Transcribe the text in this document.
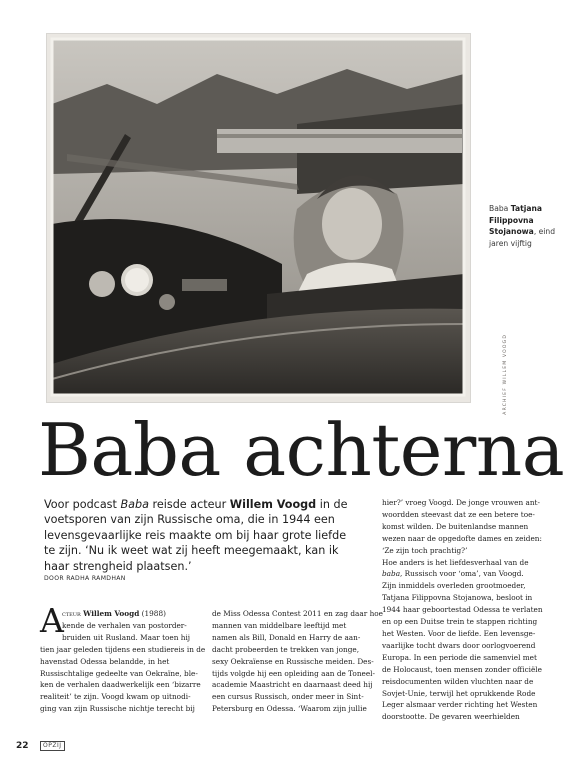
ARCHIEF WILLEM VOOGD
Baba Tatjana Filippovna Stojanowa, eind jaren vijftig
Baba achterna
Voor podcast Baba reisde acteur Willem Voogd in de voetsporen van zijn Russische oma, die in 1944 een levensgevaarlijke reis maakte om bij haar grote liefde te zijn. ‘Nu ik weet wat zij heeft meegemaakt, kan ik haar strengheid plaatsen.’
DOOR RADHA RAMDHAN
A
cteur Willem Voogd (1988)
kende de verhalen van postorder-
bruiden uit Rusland. Maar toen hij
tien jaar geleden tijdens een studiereis in de
havenstad Odessa belandde, in het
Russischtalige gedeelte van Oekraïne, ble-
ken de verhalen daadwerkelijk een ‘bizarre
realiteit’ te zijn. Voogd kwam op uitnodi-
ging van zijn Russische nichtje terecht bij
de Miss Odessa Contest 2011 en zag daar hoe
mannen van middelbare leeftijd met
namen als Bill, Donald en Harry de aan-
dacht probeerden te trekken van jonge,
sexy Oekraïense en Russische meiden. Des-
tijds volgde hij een opleiding aan de Toneel-
academie Maastricht en daarnaast deed hij
een cursus Russisch, onder meer in Sint-
Petersburg en Odessa. ‘Waarom zijn jullie
hier?’ vroeg Voogd. De jonge vrouwen ant-
woordden steevast dat ze een betere toe-
komst wilden. De buitenlandse mannen
wezen naar de opgedofte dames en zeiden:
‘Ze zijn toch prachtig?’
Hoe anders is het liefdesverhaal van de
baba, Russisch voor ‘oma’, van Voogd.
Zijn inmiddels overleden grootmoeder,
Tatjana Filippovna Stojanowa, besloot in
1944 haar geboortestad Odessa te verlaten
en op een Duitse trein te stappen richting
het Westen. Voor de liefde. Een levensge-
vaarlijke tocht dwars door oorlogvoerend
Europa. In een periode die samenviel met
de Holocaust, toen mensen zonder officiële
reisdocumenten wilden vluchten naar de
Sovjet-Unie, terwijl het oprukkende Rode
Leger alsmaar verder richting het Westen
doorstootte. De gevaren weerhielden
22	OPZIJ
